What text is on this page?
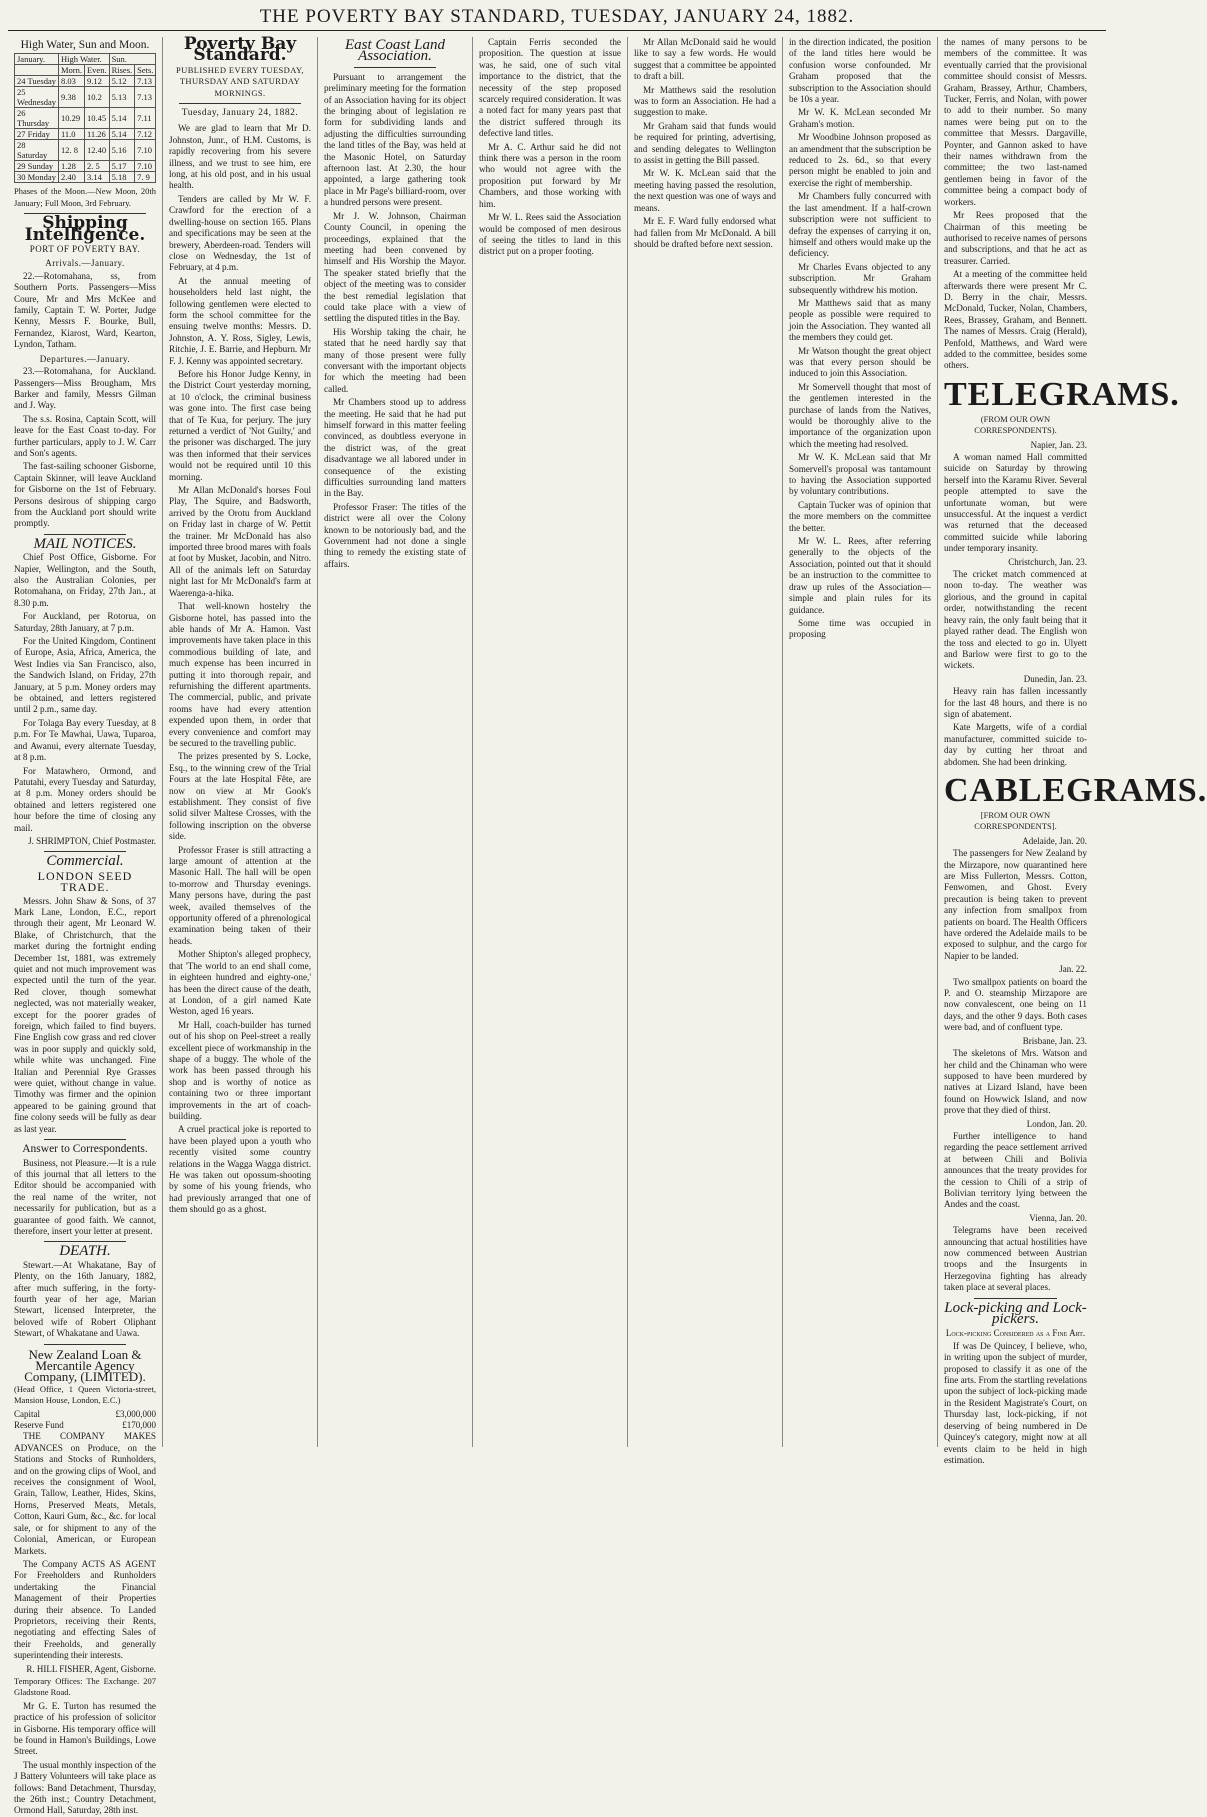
THE POVERTY BAY STANDARD, TUESDAY, JANUARY 24, 1882.
High Water, Sun and Moon.
January.	High Water.		Sun.	
	Morn.	Even.	Rises.	Sets.
24 Tuesday	8.03	9.12	5.12	7.13
25 Wednesday	9.38	10.2	5.13	7.13
26 Thursday	10.29	10.45	5.14	7.11
27 Friday	11.0	11.26	5.14	7.12
28 Saturday	12. 8	12.40	5.16	7.10
29 Sunday	1.28	2. 5	5.17	7.10
30 Monday	2.40	3.14	5.18	7. 9

Phases of the Moon.—New Moon, 20th January; Full Moon, 3rd February.

Shipping Intelligence.
PORT OF POVERTY BAY.
Arrivals.—January.

22.—Rotomahana, ss, from Southern Ports. Passengers—Miss Coure, Mr and Mrs McKee and family, Captain T. W. Porter, Judge Kenny, Messrs F. Bourke, Bull, Fernandez, Kiarost, Ward, Kearton, Lyndon, Tatham.

Departures.—January.

23.—Rotomahana, for Auckland. Passengers—Miss Brougham, Mrs Barker and family, Messrs Gilman and J. Way.

The s.s. Rosina, Captain Scott, will leave for the East Coast to-day. For further particulars, apply to J. W. Carr and Son's agents.

The fast-sailing schooner Gisborne, Captain Skinner, will leave Auckland for Gisborne on the 1st of February. Persons desirous of shipping cargo from the Auckland port should write promptly.

MAIL NOTICES.

Chief Post Office, Gisborne. For Napier, Wellington, and the South, also the Australian Colonies, per Rotomahana, on Friday, 27th Jan., at 8.30 p.m.

For Auckland, per Rotorua, on Saturday, 28th January, at 7 p.m.

For the United Kingdom, Continent of Europe, Asia, Africa, America, the West Indies via San Francisco, also, the Sandwich Island, on Friday, 27th January, at 5 p.m. Money orders may be obtained, and letters registered until 2 p.m., same day.

For Tolaga Bay every Tuesday, at 8 p.m. For Te Mawhai, Uawa, Tuparoa, and Awanui, every alternate Tuesday, at 8 p.m.

For Matawhero, Ormond, and Patutahi, every Tuesday and Saturday, at 8 p.m. Money orders should be obtained and letters registered one hour before the time of closing any mail.

J. SHRIMPTON, Chief Postmaster.
Commercial.
LONDON SEED TRADE.

Messrs. John Shaw & Sons, of 37 Mark Lane, London, E.C., report through their agent, Mr Leonard W. Blake, of Christchurch, that the market during the fortnight ending December 1st, 1881, was extremely quiet and not much improvement was expected until the turn of the year. Red clover, though somewhat neglected, was not materially weaker, except for the poorer grades of foreign, which failed to find buyers. Fine English cow grass and red clover was in poor supply and quickly sold, while white was unchanged. Fine Italian and Perennial Rye Grasses were quiet, without change in value. Timothy was firmer and the opinion appeared to be gaining ground that fine colony seeds will be fully as dear as last year.

Answer to Correspondents.

Business, not Pleasure.—It is a rule of this journal that all letters to the Editor should be accompanied with the real name of the writer, not necessarily for publication, but as a guarantee of good faith. We cannot, therefore, insert your letter at present.

DEATH.

Stewart.—At Whakatane, Bay of Plenty, on the 16th January, 1882, after much suffering, in the forty-fourth year of her age, Marian Stewart, licensed Interpreter, the beloved wife of Robert Oliphant Stewart, of Whakatane and Uawa.

New Zealand Loan & Mercantile Agency Company, (LIMITED).

(Head Office, 1 Queen Victoria-street, Mansion House, London, E.C.)

Capital	£3,000,000
Reserve Fund	£170,000

THE COMPANY MAKES ADVANCES on Produce, on the Stations and Stocks of Runholders, and on the growing clips of Wool, and receives the consignment of Wool, Grain, Tallow, Leather, Hides, Skins, Horns, Preserved Meats, Metals, Cotton, Kauri Gum, &c., &c. for local sale, or for shipment to any of the Colonial, American, or European Markets.

The Company ACTS AS AGENT For Freeholders and Runholders undertaking the Financial Management of their Properties during their absence. To Landed Proprietors, receiving their Rents, negotiating and effecting Sales of their Freeholds, and generally superintending their interests.

R. HILL FISHER, Agent, Gisborne.

Temporary Offices: The Exchange. 207 Gladstone Road.

Mr G. E. Turton has resumed the practice of his profession of solicitor in Gisborne. His temporary office will be found in Hamon's Buildings, Lowe Street.

The usual monthly inspection of the J Battery Volunteers will take place as follows: Band Detachment, Thursday, the 26th inst.; Country Detachment, Ormond Hall, Saturday, 28th inst.

Poverty Bay Standard.
PUBLISHED EVERY TUESDAY, THURSDAY AND SATURDAY MORNINGS.
Tuesday, January 24, 1882.

We are glad to learn that Mr D. Johnston, Junr., of H.M. Customs, is rapidly recovering from his severe illness, and we trust to see him, ere long, at his old post, and in his usual health.

Tenders are called by Mr W. F. Crawford for the erection of a dwelling-house on section 165. Plans and specifications may be seen at the brewery, Aberdeen-road. Tenders will close on Wednesday, the 1st of February, at 4 p.m.

At the annual meeting of householders held last night, the following gentlemen were elected to form the school committee for the ensuing twelve months: Messrs. D. Johnston, A. Y. Ross, Sigley, Lewis, Ritchie, J. E. Barrie, and Hepburn. Mr F. J. Kenny was appointed secretary.

Before his Honor Judge Kenny, in the District Court yesterday morning, at 10 o'clock, the criminal business was gone into. The first case being that of Te Kua, for perjury. The jury returned a verdict of 'Not Guilty,' and the prisoner was discharged. The jury was then informed that their services would not be required until 10 this morning.

Mr Allan McDonald's horses Foul Play, The Squire, and Badsworth, arrived by the Orotu from Auckland on Friday last in charge of W. Pettit the trainer. Mr McDonald has also imported three brood mares with foals at foot by Musket, Jacobin, and Nitro. All of the animals left on Saturday night last for Mr McDonald's farm at Waerenga-a-hika.

That well-known hostelry the Gisborne hotel, has passed into the able hands of Mr A. Hamon. Vast improvements have taken place in this commodious building of late, and much expense has been incurred in putting it into thorough repair, and refurnishing the different apartments. The commercial, public, and private rooms have had every attention expended upon them, in order that every convenience and comfort may be secured to the travelling public.

The prizes presented by S. Locke, Esq., to the winning crew of the Trial Fours at the late Hospital Fête, are now on view at Mr Gook's establishment. They consist of five solid silver Maltese Crosses, with the following inscription on the obverse side.

Professor Fraser is still attracting a large amount of attention at the Masonic Hall. The hall will be open to-morrow and Thursday evenings. Many persons have, during the past week, availed themselves of the opportunity offered of a phrenological examination being taken of their heads.

Mother Shipton's alleged prophecy, that 'The world to an end shall come, in eighteen hundred and eighty-one,' has been the direct cause of the death, at London, of a girl named Kate Weston, aged 16 years.

Mr Hall, coach-builder has turned out of his shop on Peel-street a really excellent piece of workmanship in the shape of a buggy. The whole of the work has been passed through his shop and is worthy of notice as containing two or three important improvements in the art of coach-building.

A cruel practical joke is reported to have been played upon a youth who recently visited some country relations in the Wagga Wagga district. He was taken out opossum-shooting by some of his young friends, who had previously arranged that one of them should go as a ghost.

East Coast Land Association.

Pursuant to arrangement the preliminary meeting for the formation of an Association having for its object the bringing about of legislation re form for subdividing lands and adjusting the difficulties surrounding the land titles of the Bay, was held at the Masonic Hotel, on Saturday afternoon last. At 2.30, the hour appointed, a large gathering took place in Mr Page's billiard-room, over a hundred persons were present.

Mr J. W. Johnson, Chairman County Council, in opening the proceedings, explained that the meeting had been convened by himself and His Worship the Mayor. The speaker stated briefly that the object of the meeting was to consider the best remedial legislation that could take place with a view of settling the disputed titles in the Bay.

His Worship taking the chair, he stated that he need hardly say that many of those present were fully conversant with the important objects for which the meeting had been called.

Mr Chambers stood up to address the meeting. He said that he had put himself forward in this matter feeling convinced, as doubtless everyone in the district was, of the great disadvantage we all labored under in consequence of the existing difficulties surrounding land matters in the Bay.

Professor Fraser: The titles of the district were all over the Colony known to be notoriously bad, and the Government had not done a single thing to remedy the existing state of affairs.

Captain Ferris seconded the proposition. The question at issue was, he said, one of such vital importance to the district, that the necessity of the step proposed scarcely required consideration. It was a noted fact for many years past that the district suffered through its defective land titles.

Mr A. C. Arthur said he did not think there was a person in the room who would not agree with the proposition put forward by Mr Chambers, and those working with him.

Mr W. L. Rees said the Association would be composed of men desirous of seeing the titles to land in this district put on a proper footing.

Mr Allan McDonald said he would like to say a few words. He would suggest that a committee be appointed to draft a bill.

Mr Matthews said the resolution was to form an Association. He had a suggestion to make.

Mr Graham said that funds would be required for printing, advertising, and sending delegates to Wellington to assist in getting the Bill passed.

Mr W. K. McLean said that the meeting having passed the resolution, the next question was one of ways and means.

Mr E. F. Ward fully endorsed what had fallen from Mr McDonald. A bill should be drafted before next session.

in the direction indicated, the position of the land titles here would be confusion worse confounded. Mr Graham proposed that the subscription to the Association should be 10s a year.

Mr W. K. McLean seconded Mr Graham's motion.

Mr Woodbine Johnson proposed as an amendment that the subscription be reduced to 2s. 6d., so that every person might be enabled to join and exercise the right of membership.

Mr Chambers fully concurred with the last amendment. If a half-crown subscription were not sufficient to defray the expenses of carrying it on, himself and others would make up the deficiency.

Mr Charles Evans objected to any subscription. Mr Graham subsequently withdrew his motion.

Mr Matthews said that as many people as possible were required to join the Association. They wanted all the members they could get.

Mr Watson thought the great object was that every person should be induced to join this Association.

Mr Somervell thought that most of the gentlemen interested in the purchase of lands from the Natives, would be thoroughly alive to the importance of the organization upon which the meeting had resolved.

Mr W. K. McLean said that Mr Somervell's proposal was tantamount to having the Association supported by voluntary contributions.

Captain Tucker was of opinion that the more members on the committee the better.

Mr W. L. Rees, after referring generally to the objects of the Association, pointed out that it should be an instruction to the committee to draw up rules of the Association—simple and plain rules for its guidance.

Some time was occupied in proposing

the names of many persons to be members of the committee. It was eventually carried that the provisional committee should consist of Messrs. Graham, Brassey, Arthur, Chambers, Tucker, Ferris, and Nolan, with power to add to their number. So many names were being put on to the committee that Messrs. Dargaville, Poynter, and Gannon asked to have their names withdrawn from the committee; the two last-named gentlemen being in favor of the committee being a compact body of workers.

Mr Rees proposed that the Chairman of this meeting be authorised to receive names of persons and subscriptions, and that he act as treasurer. Carried.

At a meeting of the committee held afterwards there were present Mr C. D. Berry in the chair, Messrs. McDonald, Tucker, Nolan, Chambers, Rees, Brassey, Graham, and Bennett. The names of Messrs. Craig (Herald), Penfold, Matthews, and Ward were added to the committee, besides some others.

TELEGRAMS.
(FROM OUR OWN CORRESPONDENTS).
Napier, Jan. 23.

A woman named Hall committed suicide on Saturday by throwing herself into the Karamu River. Several people attempted to save the unfortunate woman, but were unsuccessful. At the inquest a verdict was returned that the deceased committed suicide while laboring under temporary insanity.

Christchurch, Jan. 23.

The cricket match commenced at noon to-day. The weather was glorious, and the ground in capital order, notwithstanding the recent heavy rain, the only fault being that it played rather dead. The English won the toss and elected to go in. Ulyett and Barlow were first to go to the wickets.

Dunedin, Jan. 23.

Heavy rain has fallen incessantly for the last 48 hours, and there is no sign of abatement.

Kate Margetts, wife of a cordial manufacturer, committed suicide to-day by cutting her throat and abdomen. She had been drinking.

CABLEGRAMS.
[FROM OUR OWN CORRESPONDENTS].
Adelaide, Jan. 20.

The passengers for New Zealand by the Mirzapore, now quarantined here are Miss Fullerton, Messrs. Cotton, Fenwomen, and Ghost. Every precaution is being taken to prevent any infection from smallpox from patients on board. The Health Officers have ordered the Adelaide mails to be exposed to sulphur, and the cargo for Napier to be landed.

Jan. 22.

Two smallpox patients on board the P. and O. steamship Mirzapore are now convalescent, one being on 11 days, and the other 9 days. Both cases were bad, and of confluent type.

Brisbane, Jan. 23.

The skeletons of Mrs. Watson and her child and the Chinaman who were supposed to have been murdered by natives at Lizard Island, have been found on Howwick Island, and now prove that they died of thirst.

London, Jan. 20.

Further intelligence to hand regarding the peace settlement arrived at between Chili and Bolivia announces that the treaty provides for the cession to Chili of a strip of Bolivian territory lying between the Andes and the coast.

Vienna, Jan. 20.

Telegrams have been received announcing that actual hostilities have now commenced between Austrian troops and the Insurgents in Herzegovina fighting has already taken place at several places.

Lock-picking and Lock-pickers.
Lock-picking Considered as a Fine Art.

If was De Quincey, I believe, who, in writing upon the subject of murder, proposed to classify it as one of the fine arts. From the startling revelations upon the subject of lock-picking made in the Resident Magistrate's Court, on Thursday last, lock-picking, if not deserving of being numbered in De Quincey's category, might now at all events claim to be held in high estimation.
